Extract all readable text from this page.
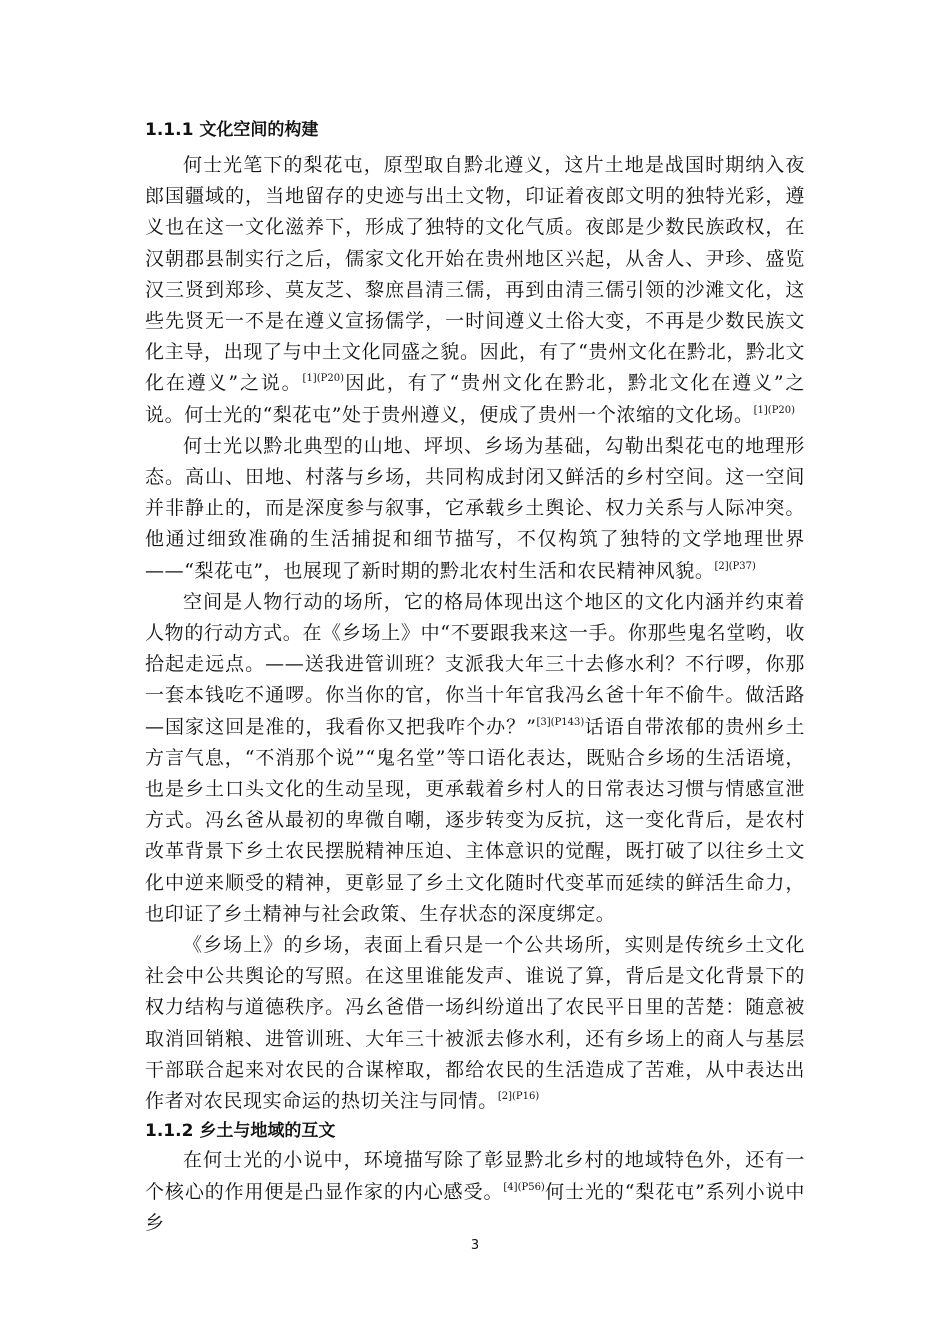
1.1.1 文化空间的构建

何士光笔下的梨花屯，原型取自黔北遵义，这片土地是战国时期纳入夜郎国疆域的，当地留存的史迹与出土文物，印证着夜郎文明的独特光彩，遵义也在这一文化滋养下，形成了独特的文化气质。夜郎是少数民族政权，在汉朝郡县制实行之后，儒家文化开始在贵州地区兴起，从舍人、尹珍、盛览汉三贤到郑珍、莫友芝、黎庶昌清三儒，再到由清三儒引领的沙滩文化，这些先贤无一不是在遵义宣扬儒学，一时间遵义土俗大变，不再是少数民族文化主导，出现了与中土文化同盛之貌。因此，有了“贵州文化在黔北，黔北文化在遵义”之说。$^{[1](P20)}$因此，有了“贵州文化在黔北，黔北文化在遵义”之说。何士光的“梨花屯”处于贵州遵义，便成了贵州一个浓缩的文化场。$^{[1](P20)}$

何士光以黔北典型的山地、坪坝、乡场为基础，勾勒出梨花屯的地理形态。高山、田地、村落与乡场，共同构成封闭又鲜活的乡村空间。这一空间并非静止的，而是深度参与叙事，它承载乡土舆论、权力关系与人际冲突。他通过细致准确的生活捕捉和细节描写，不仅构筑了独特的文学地理世界——“梨花屯”，也展现了新时期的黔北农村生活和农民精神风貌。$^{[2](P37)}$

空间是人物行动的场所，它的格局体现出这个地区的文化内涵并约束着人物的行动方式。在《乡场上》中“不要跟我来这一手。你那些鬼名堂哟，收拾起走远点。——送我进管训班？支派我大年三十去修水利？不行啰，你那一套本钱吃不通啰。你当你的官，你当十年官我冯幺爸十年不偷牛。做活路—国家这回是准的，我看你又把我咋个办？”$^{[3](P143)}$话语自带浓郁的贵州乡土方言气息，“不消那个说”“鬼名堂”等口语化表达，既贴合乡场的生活语境，也是乡土口头文化的生动呈现，更承载着乡村人的日常表达习惯与情感宣泄方式。冯幺爸从最初的卑微自嘲，逐步转变为反抗，这一变化背后，是农村改革背景下乡土农民摆脱精神压迫、主体意识的觉醒，既打破了以往乡土文化中逆来顺受的精神，更彰显了乡土文化随时代变革而延续的鲜活生命力，也印证了乡土精神与社会政策、生存状态的深度绑定。

《乡场上》的乡场，表面上看只是一个公共场所，实则是传统乡土文化社会中公共舆论的写照。在这里谁能发声、谁说了算，背后是文化背景下的权力结构与道德秩序。冯幺爸借一场纠纷道出了农民平日里的苦楚：随意被取消回销粮、进管训班、大年三十被派去修水利，还有乡场上的商人与基层干部联合起来对农民的合谋榨取，都给农民的生活造成了苦难，从中表达出作者对农民现实命运的热切关注与同情。$^{[2](P16)}$

1.1.2 乡土与地域的互文

在何士光的小说中，环境描写除了彰显黔北乡村的地域特色外，还有一个核心的作用便是凸显作家的内心感受。$^{[4](P56)}$何士光的“梨花屯”系列小说中乡

3
